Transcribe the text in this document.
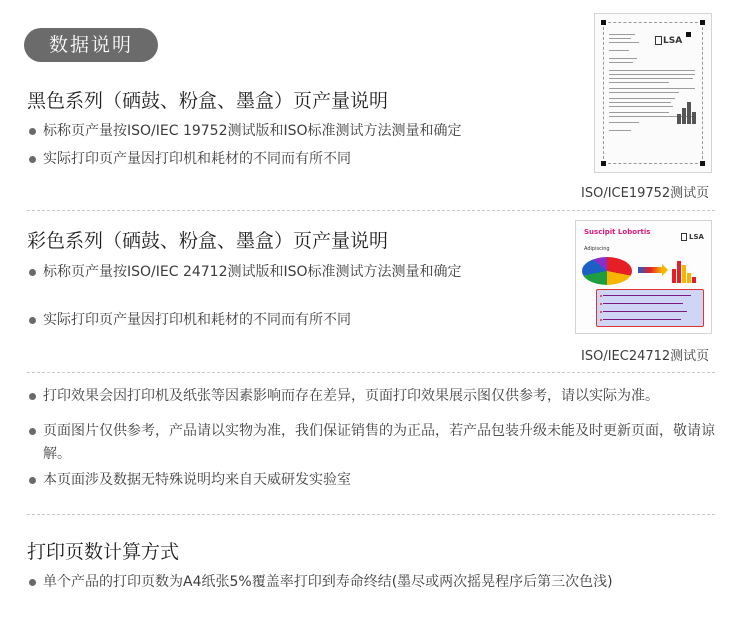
数据说明
黑色系列（硒鼓、粉盒、墨盒）页产量说明
标称页产量按ISO/IEC 19752测试版和ISO标准测试方法测量和确定
实际打印页产量因打印机和耗材的不同而有所不同
LSA
ISO/ICE19752测试页
彩色系列（硒鼓、粉盒、墨盒）页产量说明
标称页产量按ISO/IEC 24712测试版和ISO标准测试方法测量和确定
实际打印页产量因打印机和耗材的不同而有所不同
Suscipit Lobortis
LSA
Adipiscing
ISO/IEC24712测试页
打印效果会因打印机及纸张等因素影响而存在差异，页面打印效果展示图仅供参考，请以实际为准。
页面图片仅供参考，产品请以实物为准，我们保证销售的为正品，若产品包装升级未能及时更新页面，敬请谅解。
本页面涉及数据无特殊说明均来自天威研发实验室
打印页数计算方式
单个产品的打印页数为A4纸张5%覆盖率打印到寿命终结(墨尽或两次摇晃程序后第三次色浅)
